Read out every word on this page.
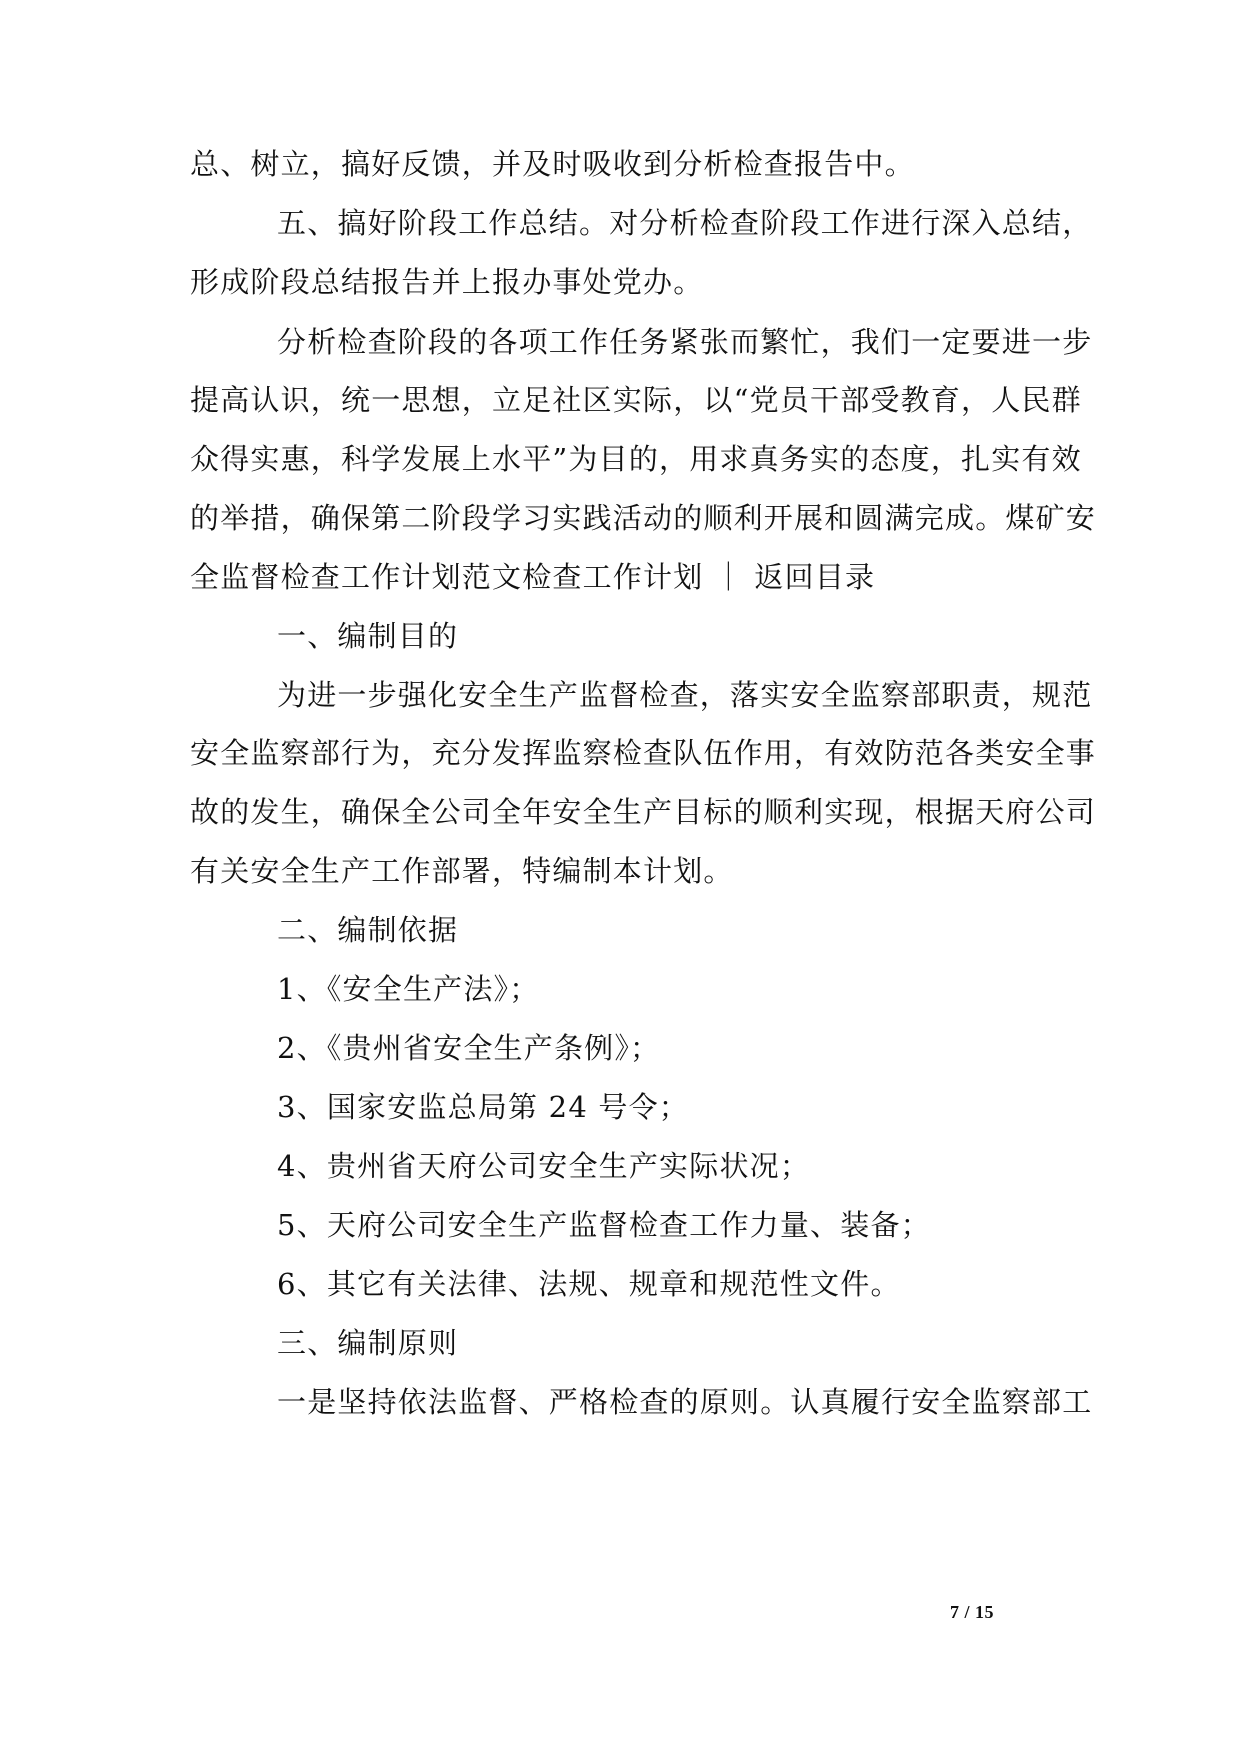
总、树立，搞好反馈，并及时吸收到分析检查报告中。
五、搞好阶段工作总结。对分析检查阶段工作进行深入总结，
形成阶段总结报告并上报办事处党办。
分析检查阶段的各项工作任务紧张而繁忙，我们一定要进一步
提高认识，统一思想，立足社区实际，以“党员干部受教育，人民群
众得实惠，科学发展上水平”为目的，用求真务实的态度，扎实有效
的举措，确保第二阶段学习实践活动的顺利开展和圆满完成。煤矿安
全监督检查工作计划范文检查工作计划 ｜ 返回目录
一、编制目的
为进一步强化安全生产监督检查，落实安全监察部职责，规范
安全监察部行为，充分发挥监察检查队伍作用，有效防范各类安全事
故的发生，确保全公司全年安全生产目标的顺利实现，根据天府公司
有关安全生产工作部署，特编制本计划。
二、编制依据
1、《安全生产法》；
2、《贵州省安全生产条例》；
3、国家安监总局第 24 号令；
4、贵州省天府公司安全生产实际状况；
5、天府公司安全生产监督检查工作力量、装备；
6、其它有关法律、法规、规章和规范性文件。
三、编制原则
一是坚持依法监督、严格检查的原则。认真履行安全监察部工
7 / 15
